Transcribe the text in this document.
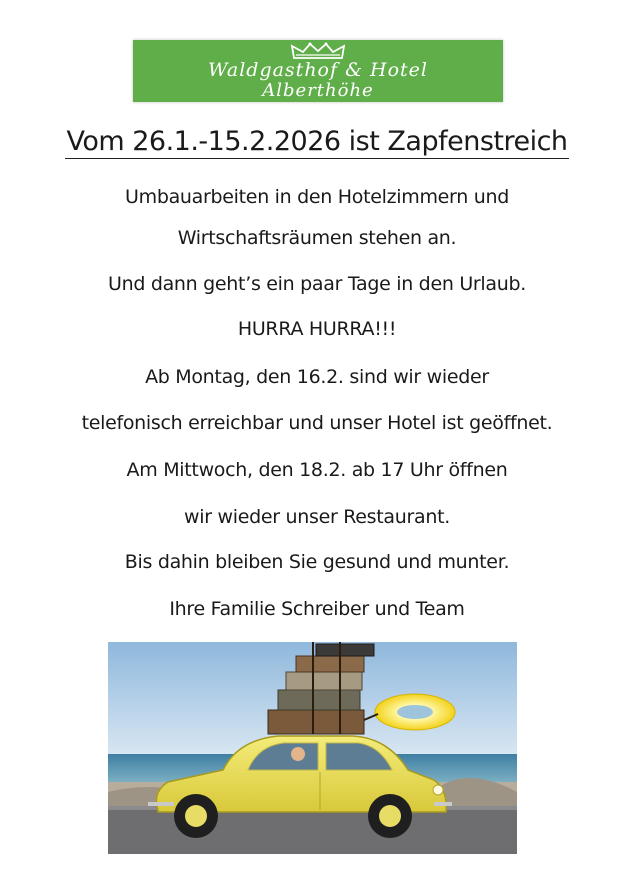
Waldgasthof & Hotel
Alberthöhe
Vom 26.1.-15.2.2026 ist Zapfenstreich
Umbauarbeiten in den Hotelzimmern und
Wirtschaftsräumen stehen an.
Und dann geht’s ein paar Tage in den Urlaub.
HURRA HURRA!!!
Ab Montag, den 16.2. sind wir wieder
telefonisch erreichbar und unser Hotel ist geöffnet.
Am Mittwoch, den 18.2. ab 17 Uhr öffnen
wir wieder unser Restaurant.
Bis dahin bleiben Sie gesund und munter.
Ihre Familie Schreiber und Team
